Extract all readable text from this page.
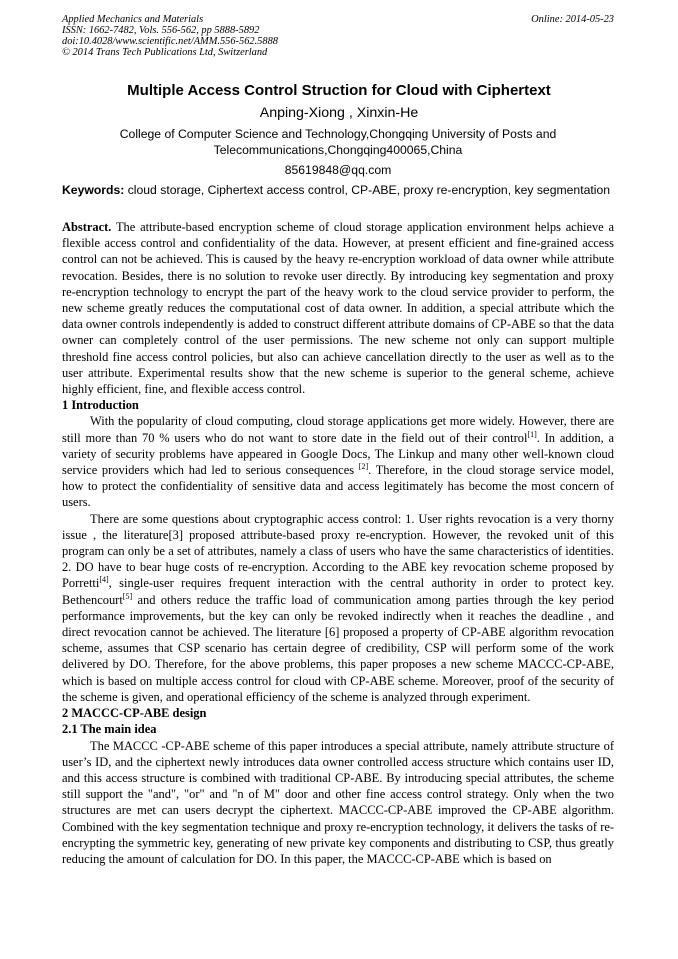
Applied Mechanics and Materials
ISSN: 1662-7482, Vols. 556-562, pp 5888-5892
doi:10.4028/www.scientific.net/AMM.556-562.5888
© 2014 Trans Tech Publications Ltd, Switzerland
Online: 2014-05-23
Multiple Access Control Struction for Cloud with Ciphertext
Anping-Xiong , Xinxin-He
College of Computer Science and Technology,Chongqing University of Posts and
Telecommunications,Chongqing400065,China
85619848@qq.com
Keywords: cloud storage, Ciphertext access control, CP-ABE, proxy re-encryption, key segmentation

Abstract. The attribute-based encryption scheme of cloud storage application environment helps achieve a flexible access control and confidentiality of the data. However, at present efficient and fine-grained access control can not be achieved. This is caused by the heavy re-encryption workload of data owner while attribute revocation. Besides, there is no solution to revoke user directly. By introducing key segmentation and proxy re-encryption technology to encrypt the part of the heavy work to the cloud service provider to perform, the new scheme greatly reduces the computational cost of data owner. In addition, a special attribute which the data owner controls independently is added to construct different attribute domains of CP-ABE so that the data owner can completely control of the user permissions. The new scheme not only can support multiple threshold fine access control policies, but also can achieve cancellation directly to the user as well as to the user attribute. Experimental results show that the new scheme is superior to the general scheme, achieve highly efficient, fine, and flexible access control.

1 Introduction

With the popularity of cloud computing, cloud storage applications get more widely. However, there are still more than 70 % users who do not want to store date in the field out of their control[1]. In addition, a variety of security problems have appeared in Google Docs, The Linkup and many other well-known cloud service providers which had led to serious consequences [2]. Therefore, in the cloud storage service model, how to protect the confidentiality of sensitive data and access legitimately has become the most concern of users.

There are some questions about cryptographic access control: 1. User rights revocation is a very thorny issue , the literature[3] proposed attribute-based proxy re-encryption. However, the revoked unit of this program can only be a set of attributes, namely a class of users who have the same characteristics of identities. 2. DO have to bear huge costs of re-encryption. According to the ABE key revocation scheme proposed by Porretti[4], single-user requires frequent interaction with the central authority in order to protect key. Bethencourt[5] and others reduce the traffic load of communication among parties through the key period performance improvements, but the key can only be revoked indirectly when it reaches the deadline , and direct revocation cannot be achieved. The literature [6] proposed a property of CP-ABE algorithm revocation scheme, assumes that CSP scenario has certain degree of credibility, CSP will perform some of the work delivered by DO. Therefore, for the above problems, this paper proposes a new scheme MACCC-CP-ABE, which is based on multiple access control for cloud with CP-ABE scheme. Moreover, proof of the security of the scheme is given, and operational efficiency of the scheme is analyzed through experiment.

2 MACCC-CP-ABE design
2.1 The main idea

The MACCC -CP-ABE scheme of this paper introduces a special attribute, namely attribute structure of user’s ID, and the ciphertext newly introduces data owner controlled access structure which contains user ID, and this access structure is combined with traditional CP-ABE. By introducing special attributes, the scheme still support the "and", "or" and "n of M" door and other fine access control strategy. Only when the two structures are met can users decrypt the ciphertext. MACCC-CP-ABE improved the CP-ABE algorithm. Combined with the key segmentation technique and proxy re-encryption technology, it delivers the tasks of re-encrypting the symmetric key, generating of new private key components and distributing to CSP, thus greatly reducing the amount of calculation for DO. In this paper, the MACCC-CP-ABE which is based on
